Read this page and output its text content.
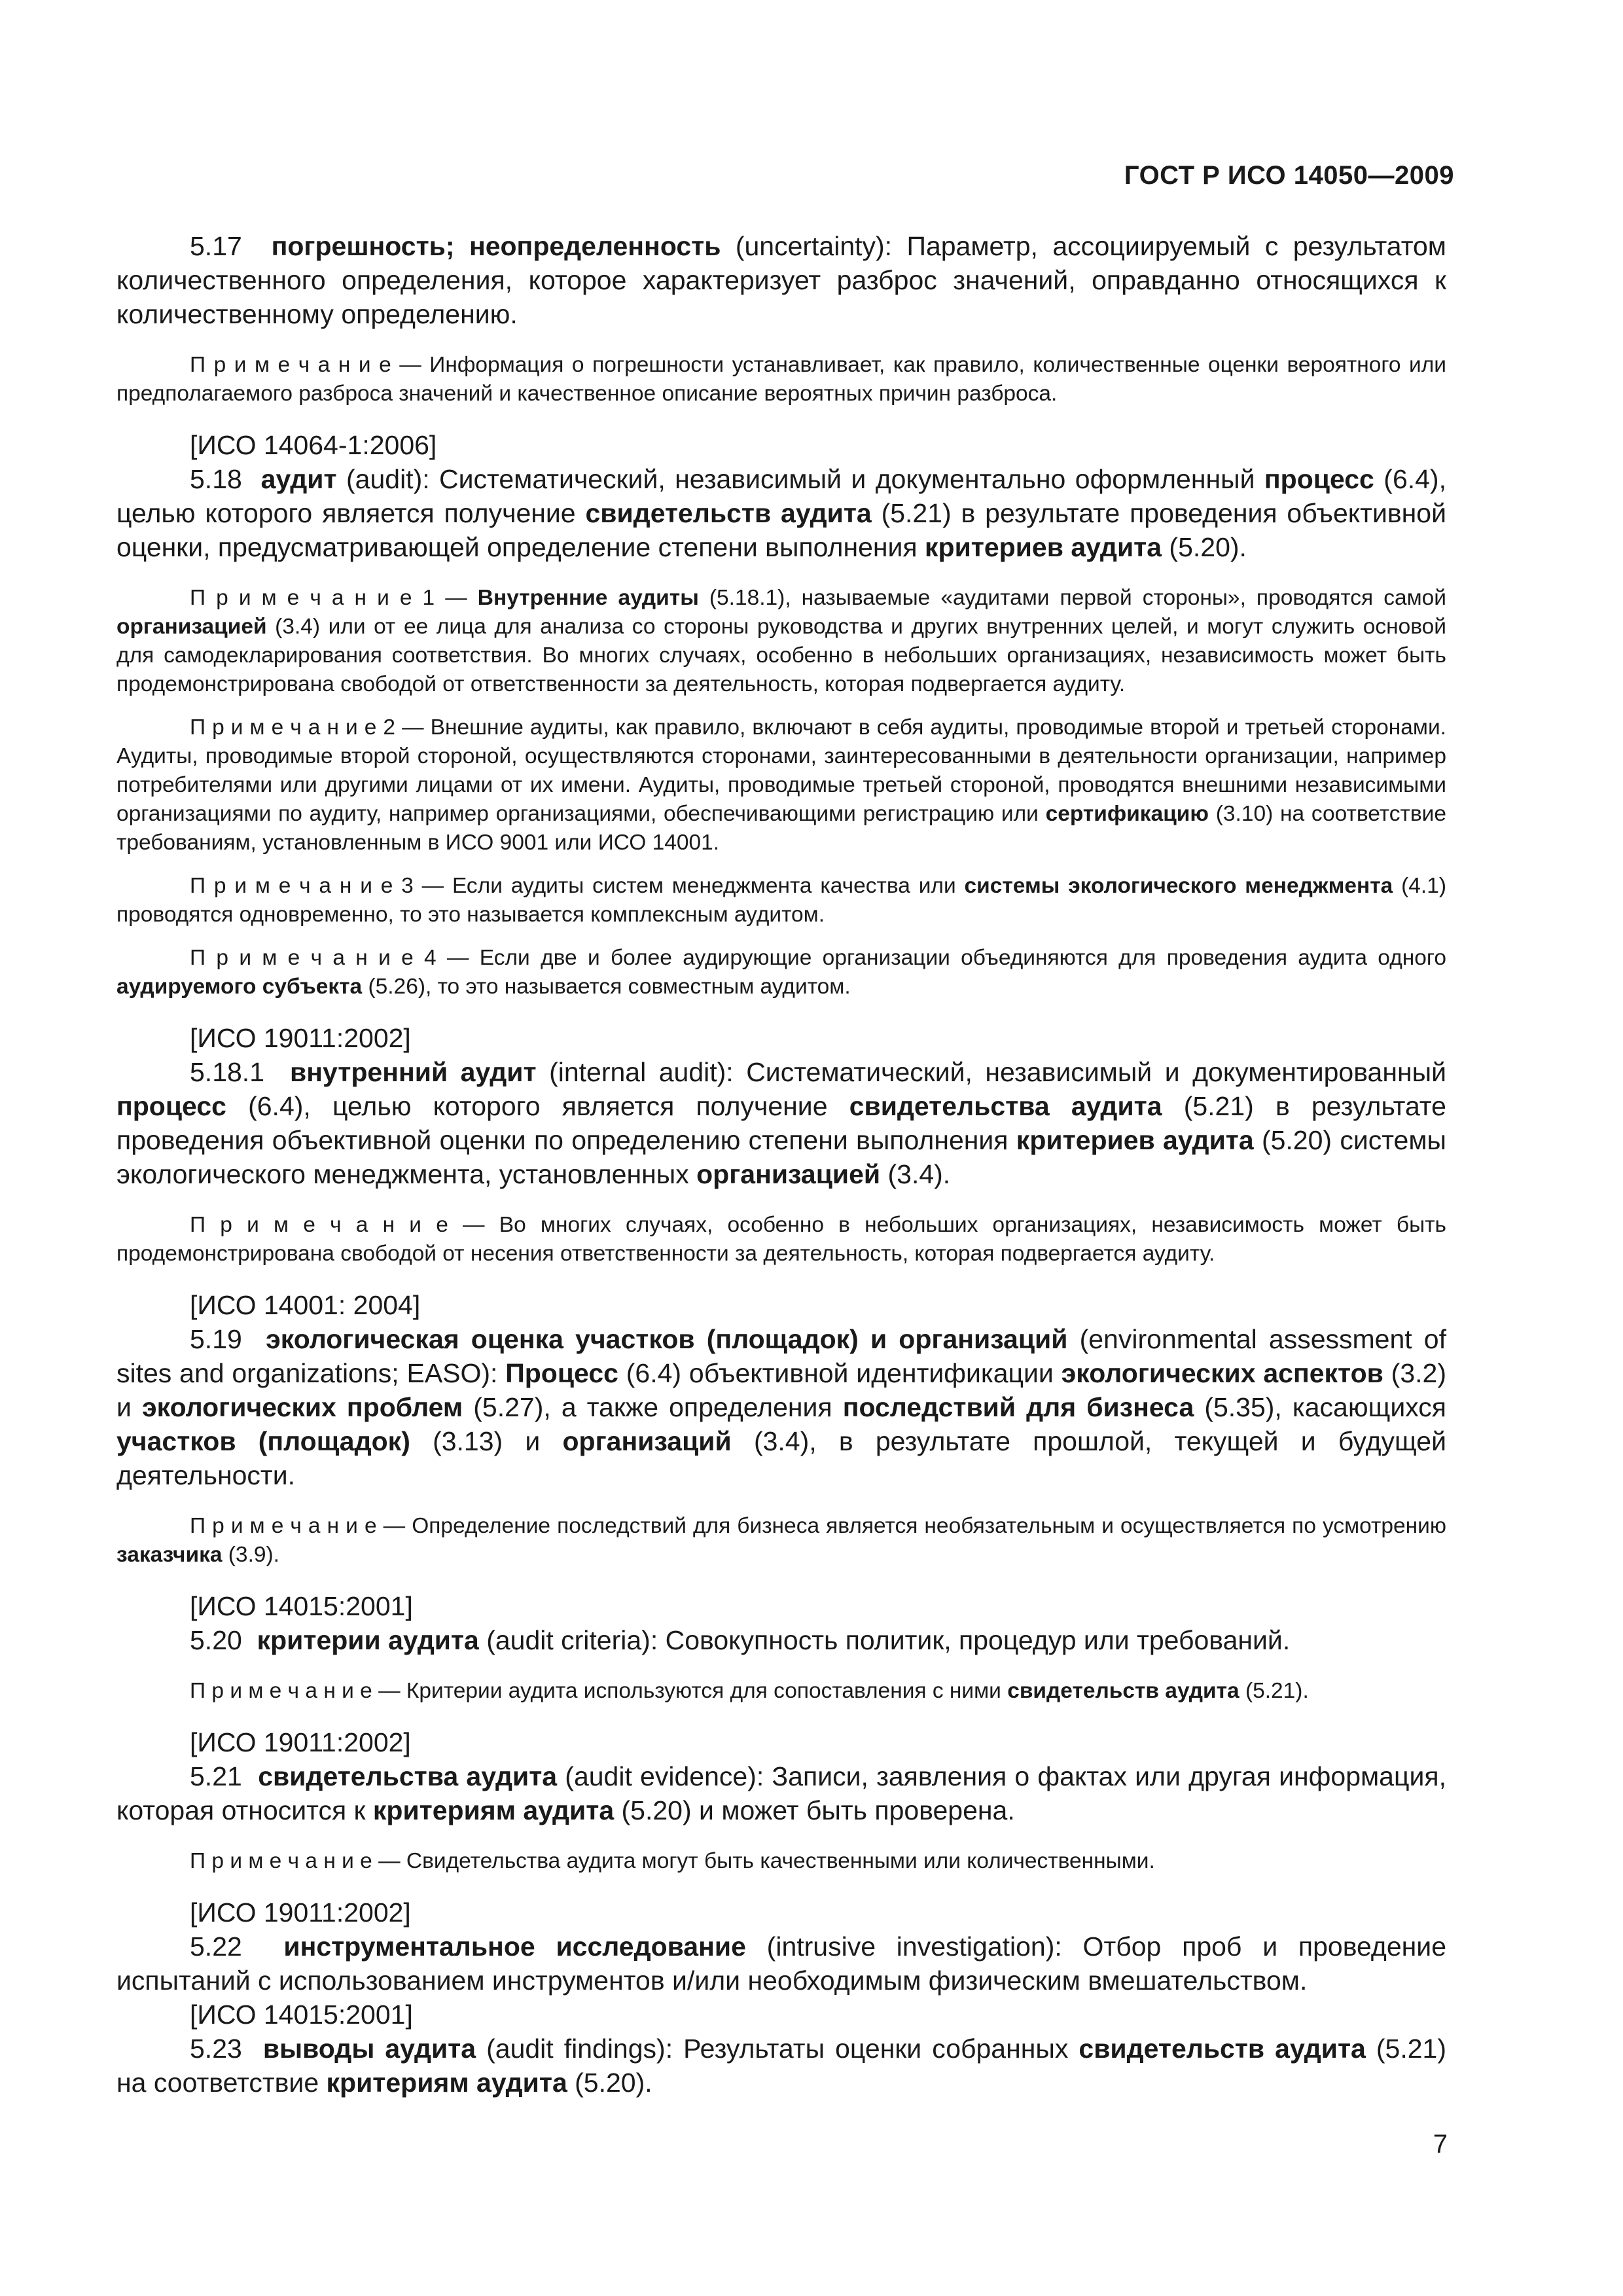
ГОСТ Р ИСО 14050—2009

5.17 погрешность; неопределенность (uncertainty): Параметр, ассоциируемый с результатом количественного определения, которое характеризует разброс значений, оправданно относящихся к количественному определению.

П р и м е ч а н и е — Информация о погрешности устанавливает, как правило, количественные оценки вероятного или предполагаемого разброса значений и качественное описание вероятных причин разброса.

[ИСО 14064-1:2006]

5.18 аудит (audit): Систематический, независимый и документально оформленный процесс (6.4), целью которого является получение свидетельств аудита (5.21) в результате проведения объективной оценки, предусматривающей определение степени выполнения критериев аудита (5.20).

П р и м е ч а н и е 1 — Внутренние аудиты (5.18.1), называемые «аудитами первой стороны», проводятся самой организацией (3.4) или от ее лица для анализа со стороны руководства и других внутренних целей, и могут служить основой для самодекларирования соответствия. Во многих случаях, особенно в небольших организациях, независимость может быть продемонстрирована свободой от ответственности за деятельность, которая подвергается аудиту.

П р и м е ч а н и е 2 — Внешние аудиты, как правило, включают в себя аудиты, проводимые второй и третьей сторонами. Аудиты, проводимые второй стороной, осуществляются сторонами, заинтересованными в деятельности организации, например потребителями или другими лицами от их имени. Аудиты, проводимые третьей стороной, проводятся внешними независимыми организациями по аудиту, например организациями, обеспечивающими регистрацию или сертификацию (3.10) на соответствие требованиям, установленным в ИСО 9001 или ИСО 14001.

П р и м е ч а н и е 3 — Если аудиты систем менеджмента качества или системы экологического менеджмента (4.1) проводятся одновременно, то это называется комплексным аудитом.

П р и м е ч а н и е 4 — Если две и более аудирующие организации объединяются для проведения аудита одного аудируемого субъекта (5.26), то это называется совместным аудитом.

[ИСО 19011:2002]

5.18.1 внутренний аудит (internal audit): Систематический, независимый и документированный процесс (6.4), целью которого является получение свидетельства аудита (5.21) в результате проведения объективной оценки по определению степени выполнения критериев аудита (5.20) системы экологического менеджмента, установленных организацией (3.4).

П р и м е ч а н и е — Во многих случаях, особенно в небольших организациях, независимость может быть продемонстрирована свободой от несения ответственности за деятельность, которая подвергается аудиту.

[ИСО 14001: 2004]

5.19 экологическая оценка участков (площадок) и организаций (environmental assessment of sites and organizations; EASO): Процесс (6.4) объективной идентификации экологических аспектов (3.2) и экологических проблем (5.27), а также определения последствий для бизнеса (5.35), касающихся участков (площадок) (3.13) и организаций (3.4), в результате прошлой, текущей и будущей деятельности.

П р и м е ч а н и е — Определение последствий для бизнеса является необязательным и осуществляется по усмотрению заказчика (3.9).

[ИСО 14015:2001]

5.20 критерии аудита (audit criteria): Совокупность политик, процедур или требований.

П р и м е ч а н и е — Критерии аудита используются для сопоставления с ними свидетельств аудита (5.21).

[ИСО 19011:2002]

5.21 свидетельства аудита (audit evidence): Записи, заявления о фактах или другая информация, которая относится к критериям аудита (5.20) и может быть проверена.

П р и м е ч а н и е — Свидетельства аудита могут быть качественными или количественными.

[ИСО 19011:2002]

5.22 инструментальное исследование (intrusive investigation): Отбор проб и проведение испытаний с использованием инструментов и/или необходимым физическим вмешательством.

[ИСО 14015:2001]

5.23 выводы аудита (audit findings): Результаты оценки собранных свидетельств аудита (5.21) на соответствие критериям аудита (5.20).

7
